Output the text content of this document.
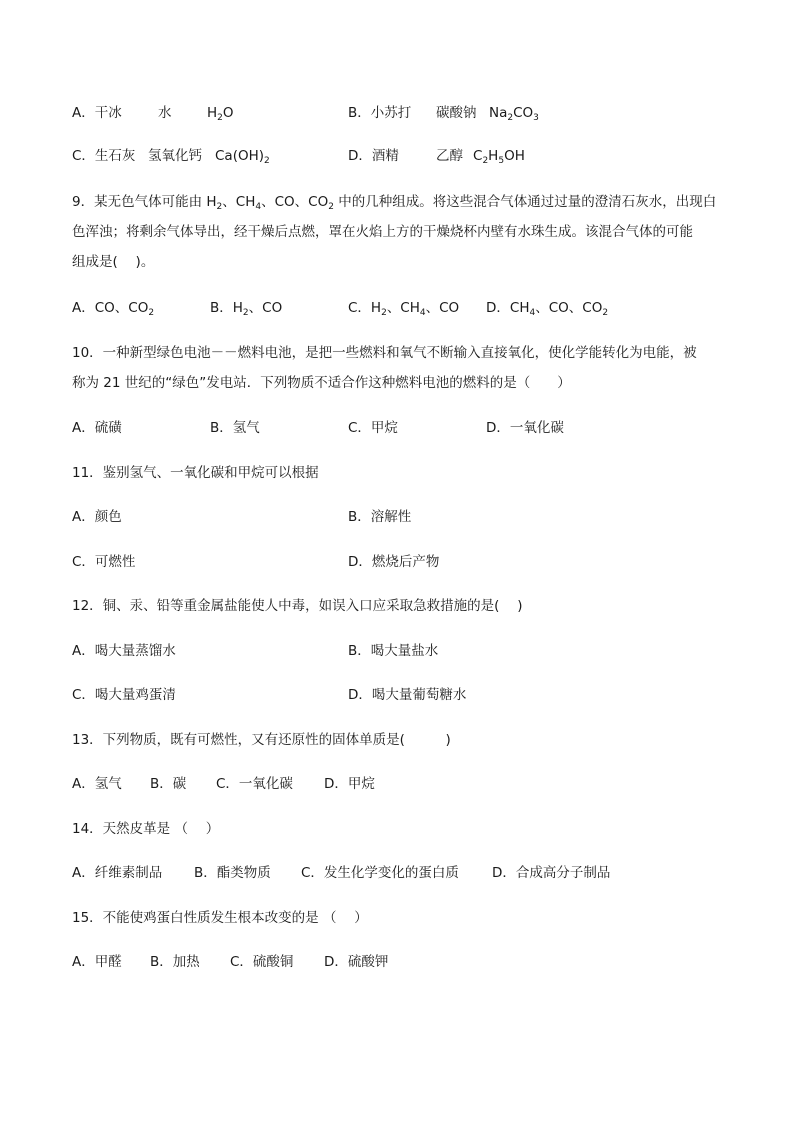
A．干冰	水	$H_2O$	B．小苏打 碳酸钠 $Na_2CO_3$
C．生石灰 氢氧化钙 $Ca(OH)_2$	D．酒精	乙醇 $C_2H_5OH$
9．某无色气体可能由 $H_2$、$CH_4$、CO、$CO_2$ 中的几种组成。将这些混合气体通过过量的澄清石灰水，出现白
色浑浊；将剩余气体导出，经干燥后点燃，罩在火焰上方的干燥烧杯内壁有水珠生成。该混合气体的可能
组成是(　 )。
A．CO、$CO_2$	B．$H_2$、CO	C．$H_2$、$CH_4$、CO D．$CH_4$、CO、$CO_2$
10．一种新型绿色电池－－燃料电池，是把一些燃料和氧气不断输入直接氧化，使化学能转化为电能，被
称为 21 世纪的“绿色”发电站．下列物质不适合作这种燃料电池的燃料的是（　　）
A．硫磺	B．氢气	C．甲烷	D．一氧化碳
11．鉴别氢气、一氧化碳和甲烷可以根据
A．颜色	B．溶解性
C．可燃性	D．燃烧后产物
12．铜、汞、铅等重金属盐能使人中毒，如误入口应采取急救措施的是(　 )
A．喝大量蒸馏水	B．喝大量盐水
C．喝大量鸡蛋清	D．喝大量葡萄糖水
13．下列物质，既有可燃性，又有还原性的固体单质是(　　　)
A．氢气 B．碳 C．一氧化碳 D．甲烷
14．天然皮革是 （　 ）
A．纤维素制品 B．酯类物质 C．发生化学变化的蛋白质 D．合成高分子制品
15．不能使鸡蛋白性质发生根本改变的是 （　 ）
A．甲醛 B．加热 C．硫酸铜 D．硫酸钾
